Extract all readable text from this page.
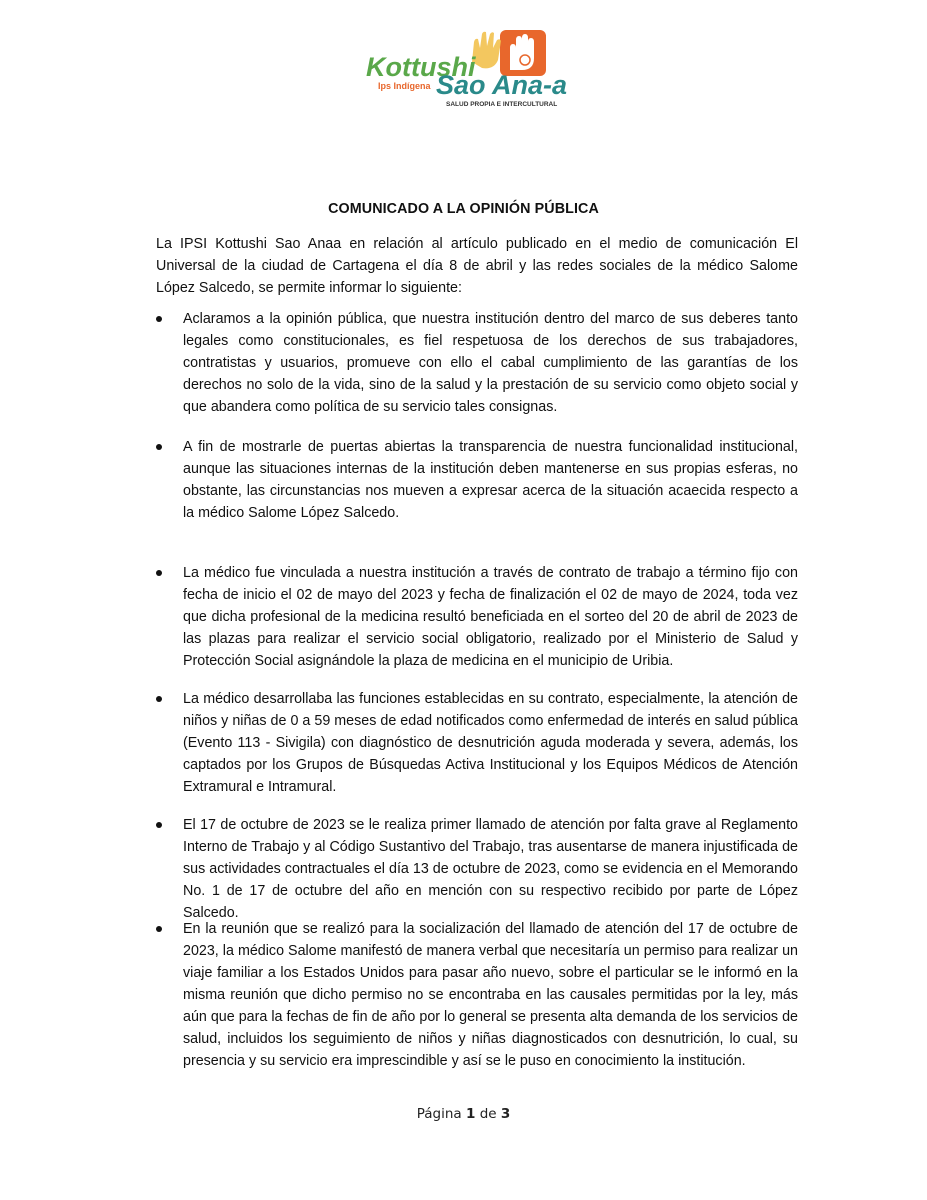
Kottushi
Ips Indígena Sao Ana-a
SALUD PROPIA E INTERCULTURAL
COMUNICADO A LA OPINIÓN PÚBLICA
La IPSI Kottushi Sao Anaa en relación al artículo publicado en el medio de comunicación El Universal de la ciudad de Cartagena el día 8 de abril y las redes sociales de la médico Salome López Salcedo, se permite informar lo siguiente:
Aclaramos a la opinión pública, que nuestra institución dentro del marco de sus deberes tanto legales como constitucionales, es fiel respetuosa de los derechos de sus trabajadores, contratistas y usuarios, promueve con ello el cabal cumplimiento de las garantías de los derechos no solo de la vida, sino de la salud y la prestación de su servicio como objeto social y que abandera como política de su servicio tales consignas.
A fin de mostrarle de puertas abiertas la transparencia de nuestra funcionalidad institucional, aunque las situaciones internas de la institución deben mantenerse en sus propias esferas, no obstante, las circunstancias nos mueven a expresar acerca de la situación acaecida respecto a la médico Salome López Salcedo.
La médico fue vinculada a nuestra institución a través de contrato de trabajo a término fijo con fecha de inicio el 02 de mayo del 2023 y fecha de finalización el 02 de mayo de 2024, toda vez que dicha profesional de la medicina resultó beneficiada en el sorteo del 20 de abril de 2023 de las plazas para realizar el servicio social obligatorio, realizado por el Ministerio de Salud y Protección Social asignándole la plaza de medicina en el municipio de Uribia.
La médico desarrollaba las funciones establecidas en su contrato, especialmente, la atención de niños y niñas de 0 a 59 meses de edad notificados como enfermedad de interés en salud pública (Evento 113 - Sivigila) con diagnóstico de desnutrición aguda moderada y severa, además, los captados por los Grupos de Búsquedas Activa Institucional y los Equipos Médicos de Atención Extramural e Intramural.
El 17 de octubre de 2023 se le realiza primer llamado de atención por falta grave al Reglamento Interno de Trabajo y al Código Sustantivo del Trabajo, tras ausentarse de manera injustificada de sus actividades contractuales el día 13 de octubre de 2023, como se evidencia en el Memorando No. 1 de 17 de octubre del año en mención con su respectivo recibido por parte de López Salcedo.
En la reunión que se realizó para la socialización del llamado de atención del 17 de octubre de 2023, la médico Salome manifestó de manera verbal que necesitaría un permiso para realizar un viaje familiar a los Estados Unidos para pasar año nuevo, sobre el particular se le informó en la misma reunión que dicho permiso no se encontraba en las causales permitidas por la ley, más aún que para la fechas de fin de año por lo general se presenta alta demanda de los servicios de salud, incluidos los seguimiento de niños y niñas diagnosticados con desnutrición, lo cual, su presencia y su servicio era imprescindible y así se le puso en conocimiento la institución.
Página 1 de 3
